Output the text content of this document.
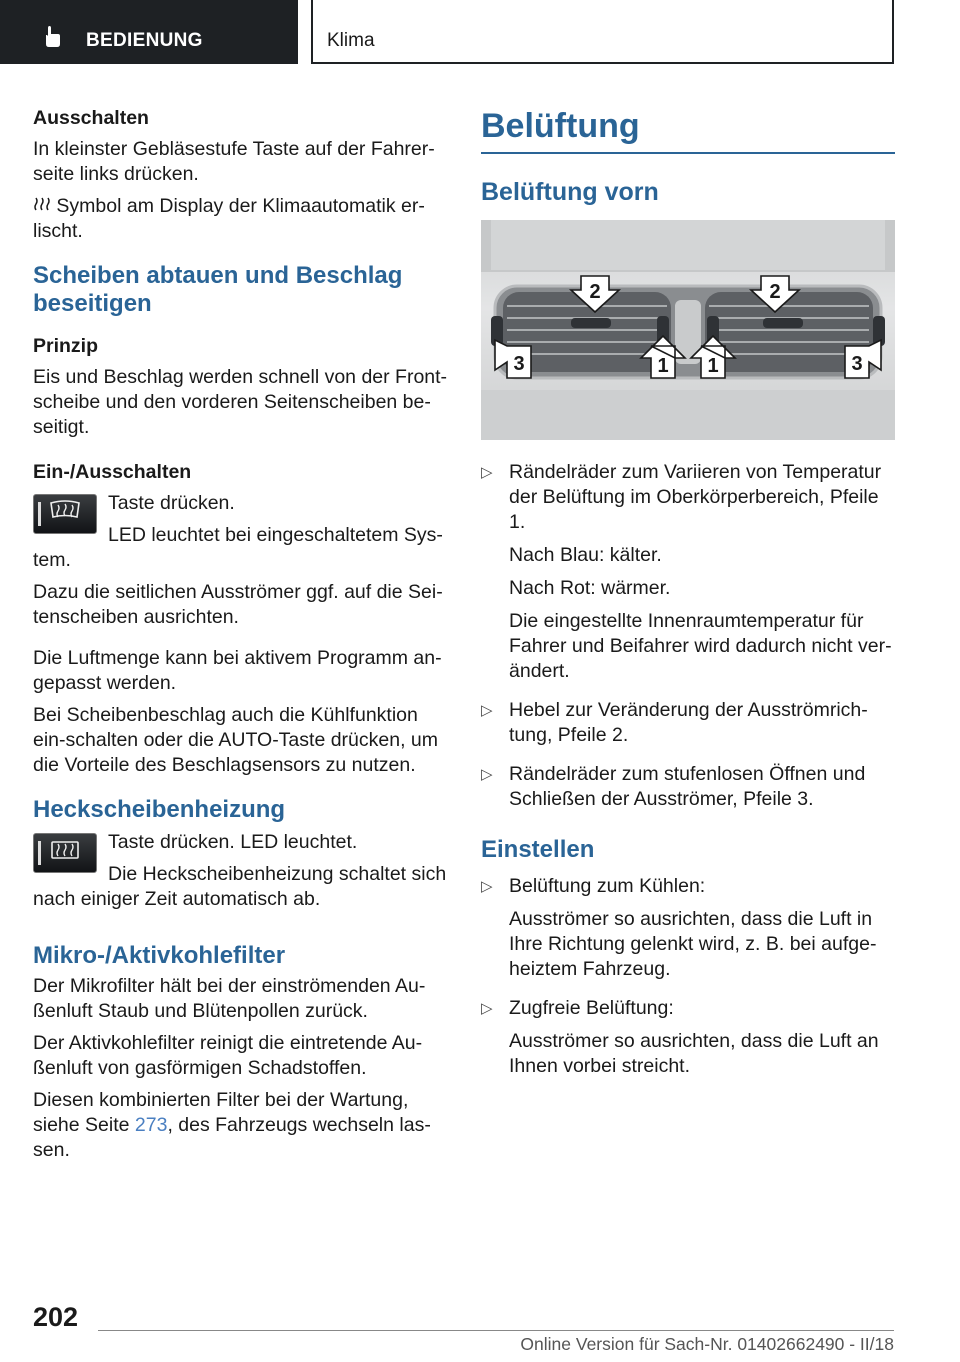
BEDIENUNG	Klima

Ausschalten

In kleinster Gebläsestufe Taste auf der Fahrer-seite links drücken.

Symbol am Display der Klimaautomatik er-lischt.

Scheiben abtauen und Beschlag beseitigen

Prinzip

Eis und Beschlag werden schnell von der Front-scheibe und den vorderen Seitenscheiben be-seitigt.

Ein-/Ausschalten

Taste drücken.

LED leuchtet bei eingeschaltetem Sys-

tem.

Dazu die seitlichen Ausströmer ggf. auf die Sei-tenscheiben ausrichten.

Die Luftmenge kann bei aktivem Programm an-gepasst werden.

Bei Scheibenbeschlag auch die Kühlfunktion ein-schalten oder die AUTO-Taste drücken, um die Vorteile des Beschlagsensors zu nutzen.

Heckscheibenheizung

Taste drücken. LED leuchtet.

Die Heckscheibenheizung schaltet sich

nach einiger Zeit automatisch ab.

Mikro-/Aktivkohlefilter

Der Mikrofilter hält bei der einströmenden Au-ßenluft Staub und Blütenpollen zurück.

Der Aktivkohlefilter reinigt die eintretende Au-ßenluft von gasförmigen Schadstoffen.

Diesen kombinierten Filter bei der Wartung, siehe Seite 273, des Fahrzeugs wechseln las-sen.

Belüftung
Belüftung vorn
2	2
3	1 1	3
▷ Rändelräder zum Variieren von Temperatur der Belüftung im Oberkörperbereich, Pfeile 1.
Nach Blau: kälter.
Nach Rot: wärmer.
Die eingestellte Innenraumtemperatur für Fahrer und Beifahrer wird dadurch nicht ver-ändert.
▷ Hebel zur Veränderung der Ausströmrich-tung, Pfeile 2.
▷ Rändelräder zum stufenlosen Öffnen und Schließen der Ausströmer, Pfeile 3.
Einstellen
▷ Belüftung zum Kühlen:
Ausströmer so ausrichten, dass die Luft in Ihre Richtung gelenkt wird, z. B. bei aufge-heiztem Fahrzeug.
▷ Zugfreie Belüftung:
Ausströmer so ausrichten, dass die Luft an Ihnen vorbei streicht.
202
Online Version für Sach-Nr. 01402662490 - II/18
